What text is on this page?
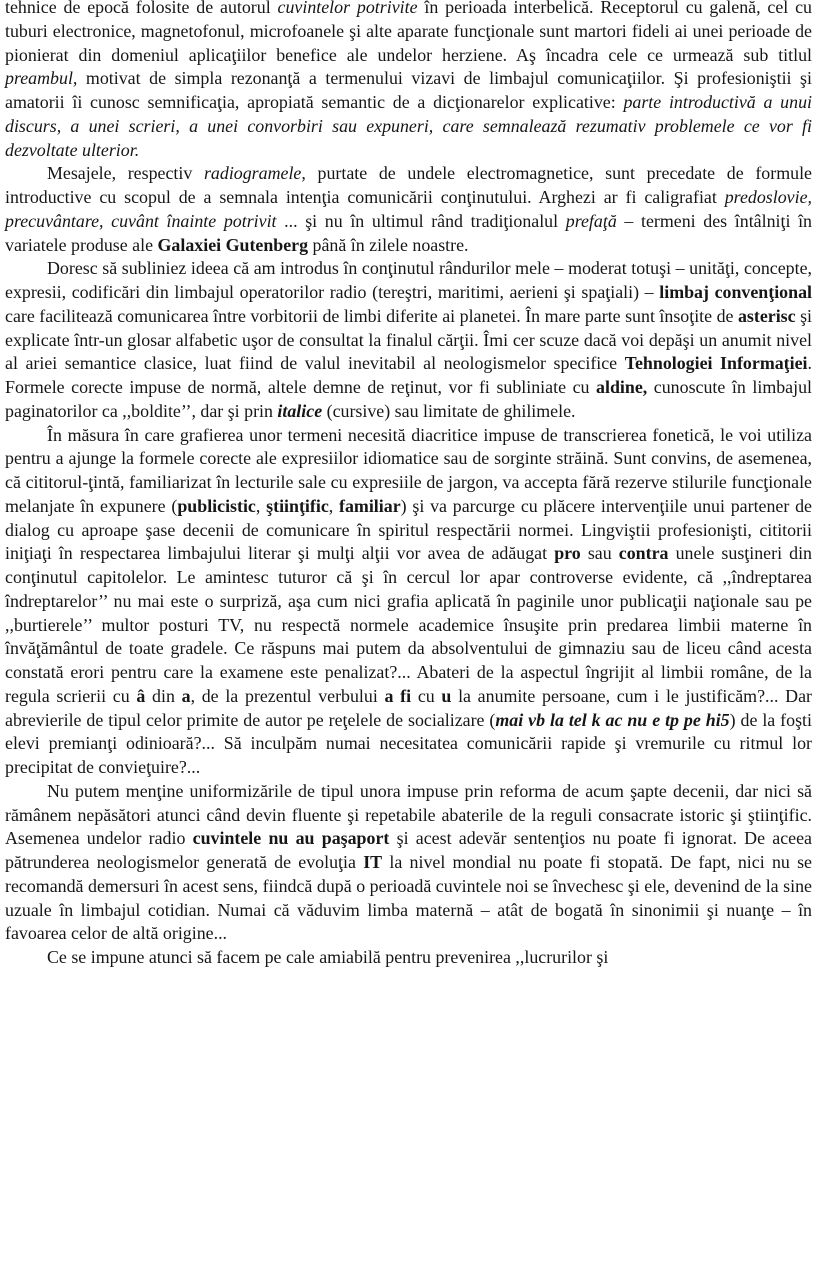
tehnice de epocă folosite de autorul cuvintelor potrivite în perioada interbelică. Receptorul cu galenă, cel cu tuburi electronice, magnetofonul, microfoanele şi alte aparate funcţionale sunt martori fideli ai unei perioade de pionierat din domeniul aplicaţiilor benefice ale undelor herziene. Aş încadra cele ce urmează sub titlul preambul, motivat de simpla rezonanţă a termenului vizavi de limbajul comunicaţiilor. Şi profesioniştii şi amatorii îi cunosc semnificaţia, apropiată semantic de a dicţionarelor explicative: parte introductivă a unui discurs, a unei scrieri, a unei convorbiri sau expuneri, care semnalează rezumativ problemele ce vor fi dezvoltate ulterior.

Mesajele, respectiv radiogramele, purtate de undele electromagnetice, sunt precedate de formule introductive cu scopul de a semnala intenţia comunicării conţinutului. Arghezi ar fi caligrafiat predoslovie, precuvântare, cuvânt înainte potrivit ... şi nu în ultimul rând tradiţionalul prefaţă – termeni des întâlniţi în variatele produse ale Galaxiei Gutenberg până în zilele noastre.

Doresc să subliniez ideea că am introdus în conţinutul rândurilor mele – moderat totuşi – unităţi, concepte, expresii, codificări din limbajul operatorilor radio (tereştri, maritimi, aerieni şi spaţiali) – limbaj convenţional care facilitează comunicarea între vorbitorii de limbi diferite ai planetei. În mare parte sunt însoţite de asterisc şi explicate într-un glosar alfabetic uşor de consultat la finalul cărţii. Îmi cer scuze dacă voi depăşi un anumit nivel al ariei semantice clasice, luat fiind de valul inevitabil al neologismelor specifice Tehnologiei Informaţiei. Formele corecte impuse de normă, altele demne de reţinut, vor fi subliniate cu aldine, cunoscute în limbajul paginatorilor ca ,,boldite’’, dar şi prin italice (cursive) sau limitate de ghilimele.

În măsura în care grafierea unor termeni necesită diacritice impuse de transcrierea fonetică, le voi utiliza pentru a ajunge la formele corecte ale expresiilor idiomatice sau de sorginte străină. Sunt convins, de asemenea, că cititorul-ţintă, familiarizat în lecturile sale cu expresiile de jargon, va accepta fără rezerve stilurile funcţionale melanjate în expunere (publicistic, ştiinţific, familiar) şi va parcurge cu plăcere intervenţiile unui partener de dialog cu aproape şase decenii de comunicare în spiritul respectării normei. Lingviştii profesionişti, cititorii iniţiaţi în respectarea limbajului literar şi mulţi alţii vor avea de adăugat pro sau contra unele susţineri din conţinutul capitolelor. Le amintesc tuturor că şi în cercul lor apar controverse evidente, că ,,îndreptarea îndreptarelor’’ nu mai este o surpriză, aşa cum nici grafia aplicată în paginile unor publicaţii naţionale sau pe ,,burtierele’’ multor posturi TV, nu respectă normele academice însuşite prin predarea limbii materne în învăţământul de toate gradele. Ce răspuns mai putem da absolventului de gimnaziu sau de liceu când acesta constată erori pentru care la examene este penalizat?... Abateri de la aspectul îngrijit al limbii române, de la regula scrierii cu â din a, de la prezentul verbului a fi cu u la anumite persoane, cum i le justificăm?... Dar abrevierile de tipul celor primite de autor pe reţelele de socializare (mai vb la tel k ac nu e tp pe hi5) de la foşti elevi premianţi odinioară?... Să inculpăm numai necesitatea comunicării rapide şi vremurile cu ritmul lor precipitat de convieţuire?...

Nu putem menţine uniformizările de tipul unora impuse prin reforma de acum şapte decenii, dar nici să rămânem nepăsători atunci când devin fluente şi repetabile abaterile de la reguli consacrate istoric şi ştiinţific. Asemenea undelor radio cuvintele nu au paşaport şi acest adevăr sentenţios nu poate fi ignorat. De aceea pătrunderea neologismelor generată de evoluţia IT la nivel mondial nu poate fi stopată. De fapt, nici nu se recomandă demersuri în acest sens, fiindcă după o perioadă cuvintele noi se învechesc şi ele, devenind de la sine uzuale în limbajul cotidian. Numai că văduvim limba maternă – atât de bogată în sinonimii şi nuanţe – în favoarea celor de altă origine...

Ce se impune atunci să facem pe cale amiabilă pentru prevenirea ,,lucrurilor şi
